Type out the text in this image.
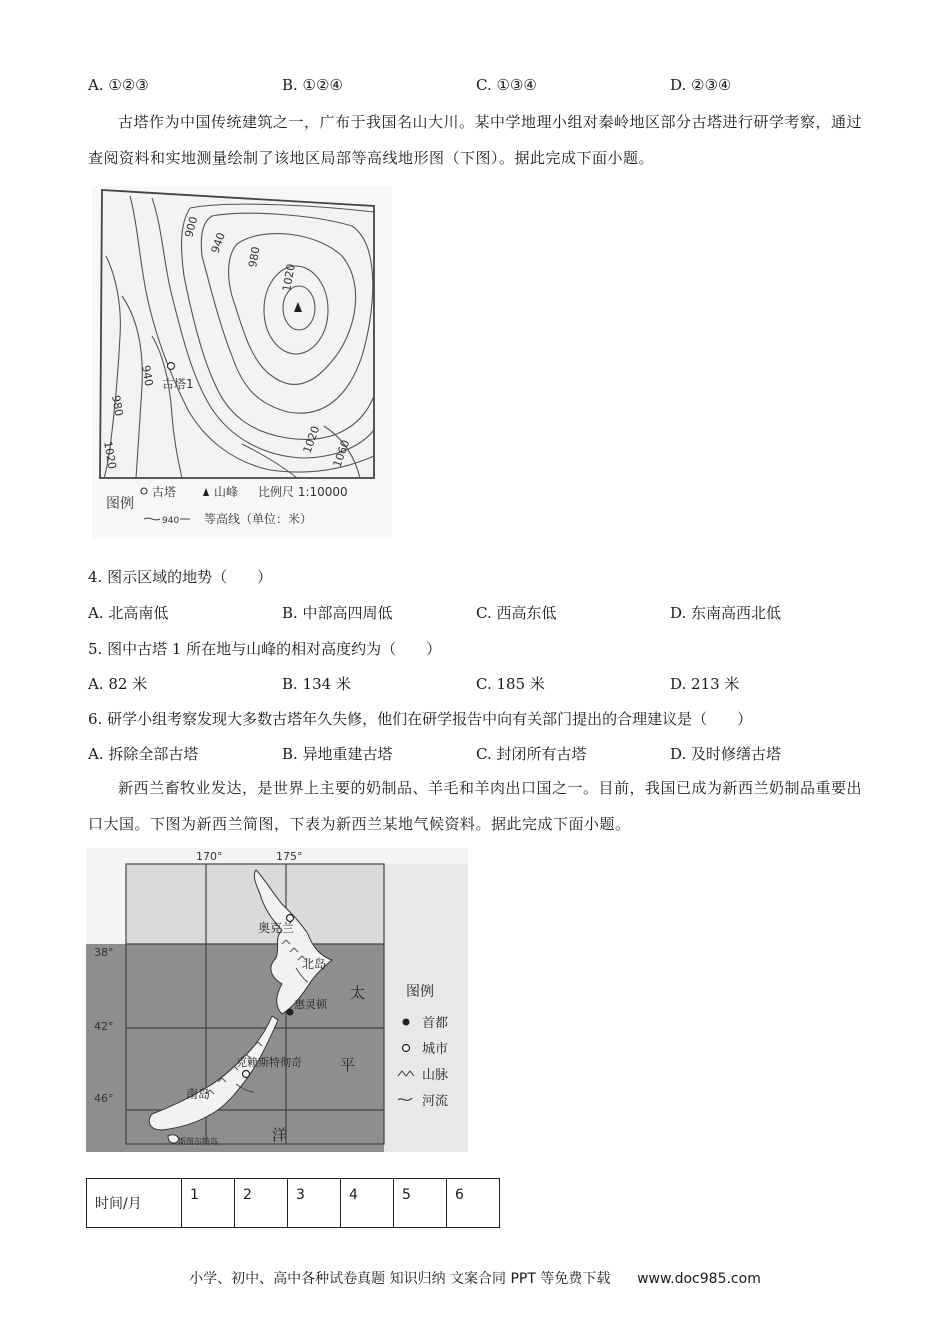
A. ①②③	B. ①②④	C. ①③④	D. ②③④
古塔作为中国传统建筑之一，广布于我国名山大川。某中学地理小组对秦岭地区部分古塔进行研学考察，通过查阅资料和实地测量绘制了该地区局部等高线地形图（下图）。据此完成下面小题。
900
940
980
1020
980
940
1020
1020 1060
古塔1
图例
古塔	山峰 比例尺 1:10000
940 等高线（单位：米）
4. 图示区域的地势（　　）
A. 北高南低	B. 中部高四周低	C. 西高东低	D. 东南高西北低
5. 图中古塔 1 所在地与山峰的相对高度约为（　　）
A. 82 米	B. 134 米	C. 185 米	D. 213 米
6. 研学小组考察发现大多数古塔年久失修，他们在研学报告中向有关部门提出的合理建议是（　　）
A. 拆除全部古塔	B. 异地重建古塔	C. 封闭所有古塔	D. 及时修缮古塔
新西兰畜牧业发达，是世界上主要的奶制品、羊毛和羊肉出口国之一。目前，我国已成为新西兰奶制品重要出口大国。下图为新西兰简图，下表为新西兰某地气候资料。据此完成下面小题。
170°	175°
38°
42°
46°
奥克兰
北岛
惠灵顿
克赖斯特彻奇
南岛
斯图尔特岛
太
平
洋
图例
首都
城市
山脉
河流
时间/月	1	2	3	4	5	6
小学、初中、高中各种试卷真题 知识归纳 文案合同 PPT 等免费下载 www.doc985.com
